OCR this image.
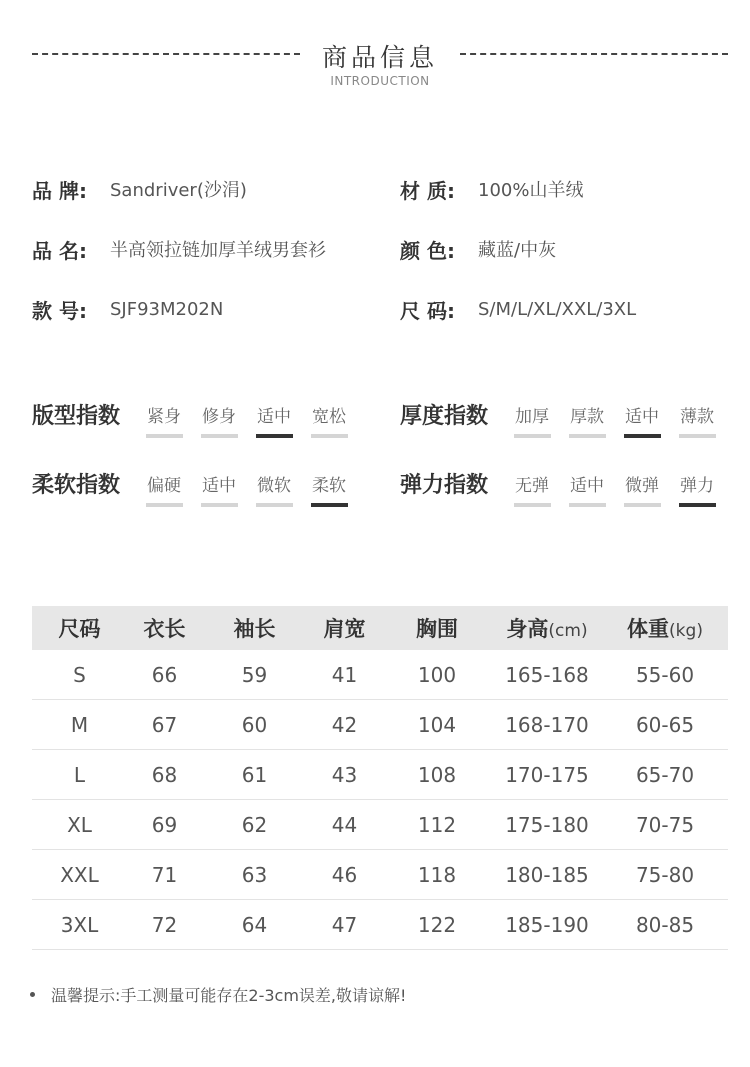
商品信息
INTRODUCTION
品 牌:	Sandriver(沙涓)
品 名:	半高领拉链加厚羊绒男套衫
款 号:	SJF93M202N
材 质:	100%山羊绒
颜 色:	藏蓝/中灰
尺 码:	S/M/L/XL/XXL/3XL
版型指数	紧身 修身 适中 宽松 厚度指数	加厚 厚款 适中 薄款
柔软指数	偏硬 适中 微软 柔软 弹力指数	无弹 适中 微弹 弹力
尺码	衣长	袖长	肩宽	胸围	身高(cm)	体重(kg)
S	66	59	41	100	165-168	55-60
M	67	60	42	104	168-170	60-65
L	68	61	43	108	170-175	65-70
XL	69	62	44	112	175-180	70-75
XXL	71	63	46	118	180-185	75-80
3XL	72	64	47	122	185-190	80-85
温馨提示:手工测量可能存在2-3cm误差,敬请谅解!
